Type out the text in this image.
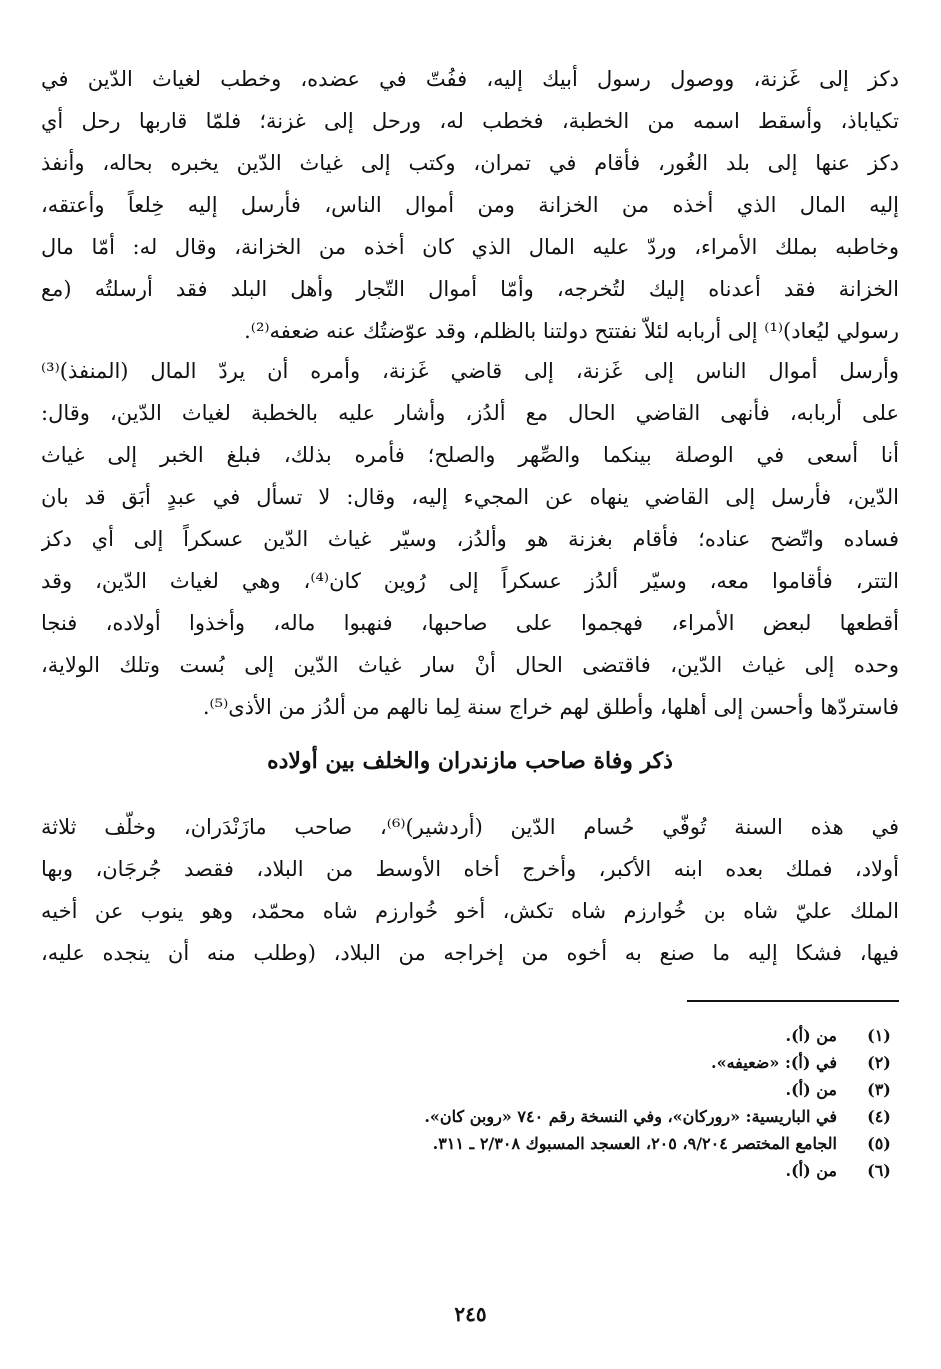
دكز إلى غَزنة، ووصول رسول أبيك إليه، ففُتّ في عضده، وخطب لغياث الدّين في
تكياباذ، وأسقط اسمه من الخطبة، فخطب له، ورحل إلى غزنة؛ فلمّا قاربها رحل أي
دكز عنها إلى بلد الغُور، فأقام في تمران، وكتب إلى غياث الدّين يخبره بحاله، وأنفذ
إليه المال الذي أخذه من الخزانة ومن أموال الناس، فأرسل إليه خِلعاً وأعتقه،
وخاطبه بملك الأمراء، وردّ عليه المال الذي كان أخذه من الخزانة، وقال له: أمّا مال
الخزانة فقد أعدناه إليك لتُخرجه، وأمّا أموال التّجار وأهل البلد فقد أرسلتُه (مع
رسولي ليُعاد)⁽¹⁾ إلى أربابه لئلاّ نفتتح دولتنا بالظلم، وقد عوّضتُك عنه ضعفه⁽²⁾.
وأرسل أموال الناس إلى غَزنة، إلى قاضي غَزنة، وأمره أن يردّ المال (المنفذ)⁽³⁾
على أربابه، فأنهى القاضي الحال مع ألدُز، وأشار عليه بالخطبة لغياث الدّين، وقال:
أنا أسعى في الوصلة بينكما والصِّهر والصلح؛ فأمره بذلك، فبلغ الخبر إلى غياث
الدّين، فأرسل إلى القاضي ينهاه عن المجيء إليه، وقال: لا تسأل في عبدٍ أبَق قد بان
فساده واتّضح عناده؛ فأقام بغزنة هو وألدُز، وسيّر غياث الدّين عسكراً إلى أي دكز
التتر، فأقاموا معه، وسيّر ألدُز عسكراً إلى رُوين كان⁽⁴⁾، وهي لغياث الدّين، وقد
أقطعها لبعض الأمراء، فهجموا على صاحبها، فنهبوا ماله، وأخذوا أولاده، فنجا
وحده إلى غياث الدّين، فاقتضى الحال أنْ سار غياث الدّين إلى بُست وتلك الولاية،
فاستردّها وأحسن إلى أهلها، وأطلق لهم خراج سنة لِما نالهم من ألدُز من الأذى⁽⁵⁾.
ذكر وفاة صاحب مازندران والخلف بين أولاده
في هذه السنة تُوفّي حُسام الدّين (أردشير)⁽⁶⁾، صاحب مازَنْدَران، وخلّف ثلاثة
أولاد، فملك بعده ابنه الأكبر، وأخرج أخاه الأوسط من البلاد، فقصد جُرجَان، وبها
الملك عليّ شاه بن خُوارزم شاه تكش، أخو خُوارزم شاه محمّد، وهو ينوب عن أخيه
فيها، فشكا إليه ما صنع به أخوه من إخراجه من البلاد، (وطلب منه أن ينجده عليه،
(١)
من (أ).
(٢)
في (أ): «ضعيفه».
(٣)
من (أ).
(٤)
في الباريسية: «روركان»، وفي النسخة رقم ٧٤٠ «روبن كان».
(٥)
الجامع المختصر ٩/٢٠٤، ٢٠٥، العسجد المسبوك ٢/٣٠٨ ـ ٣١١.
(٦)
من (أ).
٢٤٥
